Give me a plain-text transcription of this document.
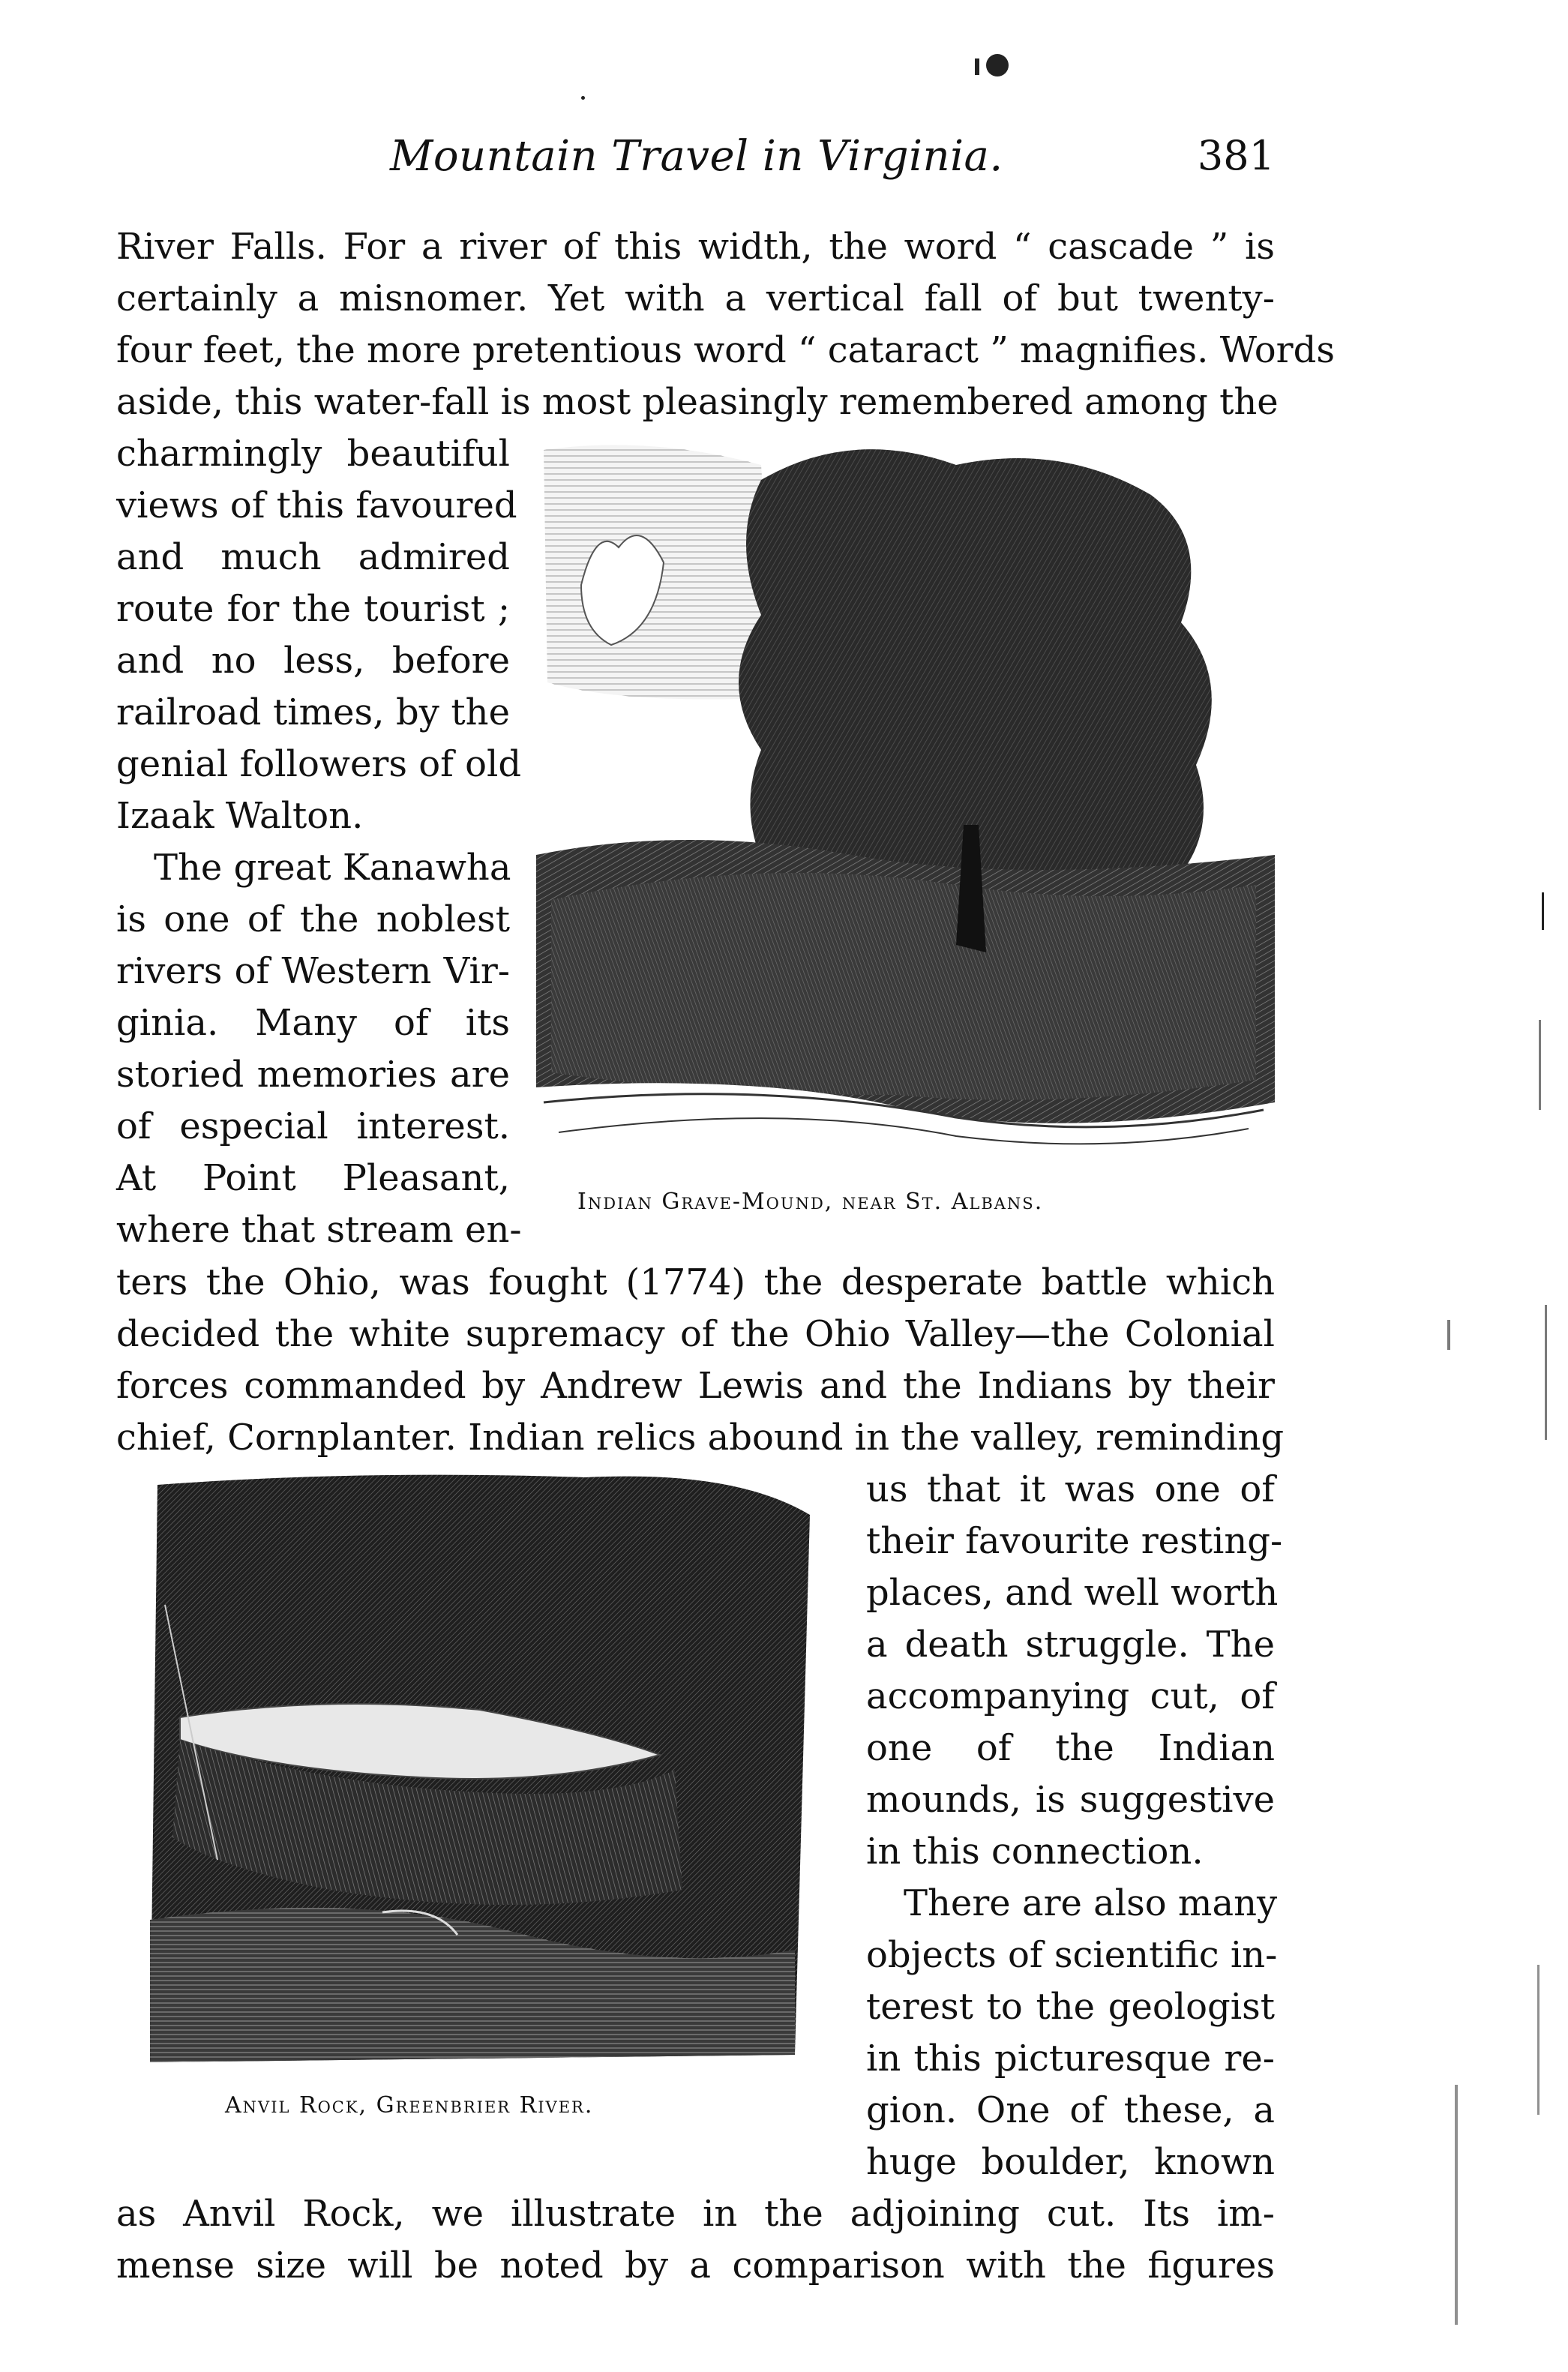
Mountain Travel in Virginia.	381
River Falls. For a river of this width, the word “ cascade ” is
certainly a misnomer. Yet with a vertical fall of but twenty-
four feet, the more pretentious word “ cataract ” magnifies. Words
aside, this water-fall is most pleasingly remembered among the
charmingly beautiful
views of this favoured
and much admired
route for the tourist ;
and no less, before
railroad times, by the
genial followers of old
Izaak Walton.
The great Kanawha
is one of the noblest
rivers of Western Vir-
ginia. Many of its
storied memories are
of especial interest.
At Point Pleasant,
where that stream en-
Indian Grave-Mound, near St. Albans.
ters the Ohio, was fought (1774) the desperate battle which
decided the white supremacy of the Ohio Valley—the Colonial
forces commanded by Andrew Lewis and the Indians by their
chief, Cornplanter. Indian relics abound in the valley, reminding
Anvil Rock, Greenbrier River.
us that it was one of
their favourite resting-
places, and well worth
a death struggle. The
accompanying cut, of
one of the Indian
mounds, is suggestive
in this connection.
There are also many
objects of scientific in-
terest to the geologist
in this picturesque re-
gion. One of these, a
huge boulder, known
as Anvil Rock, we illustrate in the adjoining cut. Its im-
mense size will be noted by a comparison with the figures
